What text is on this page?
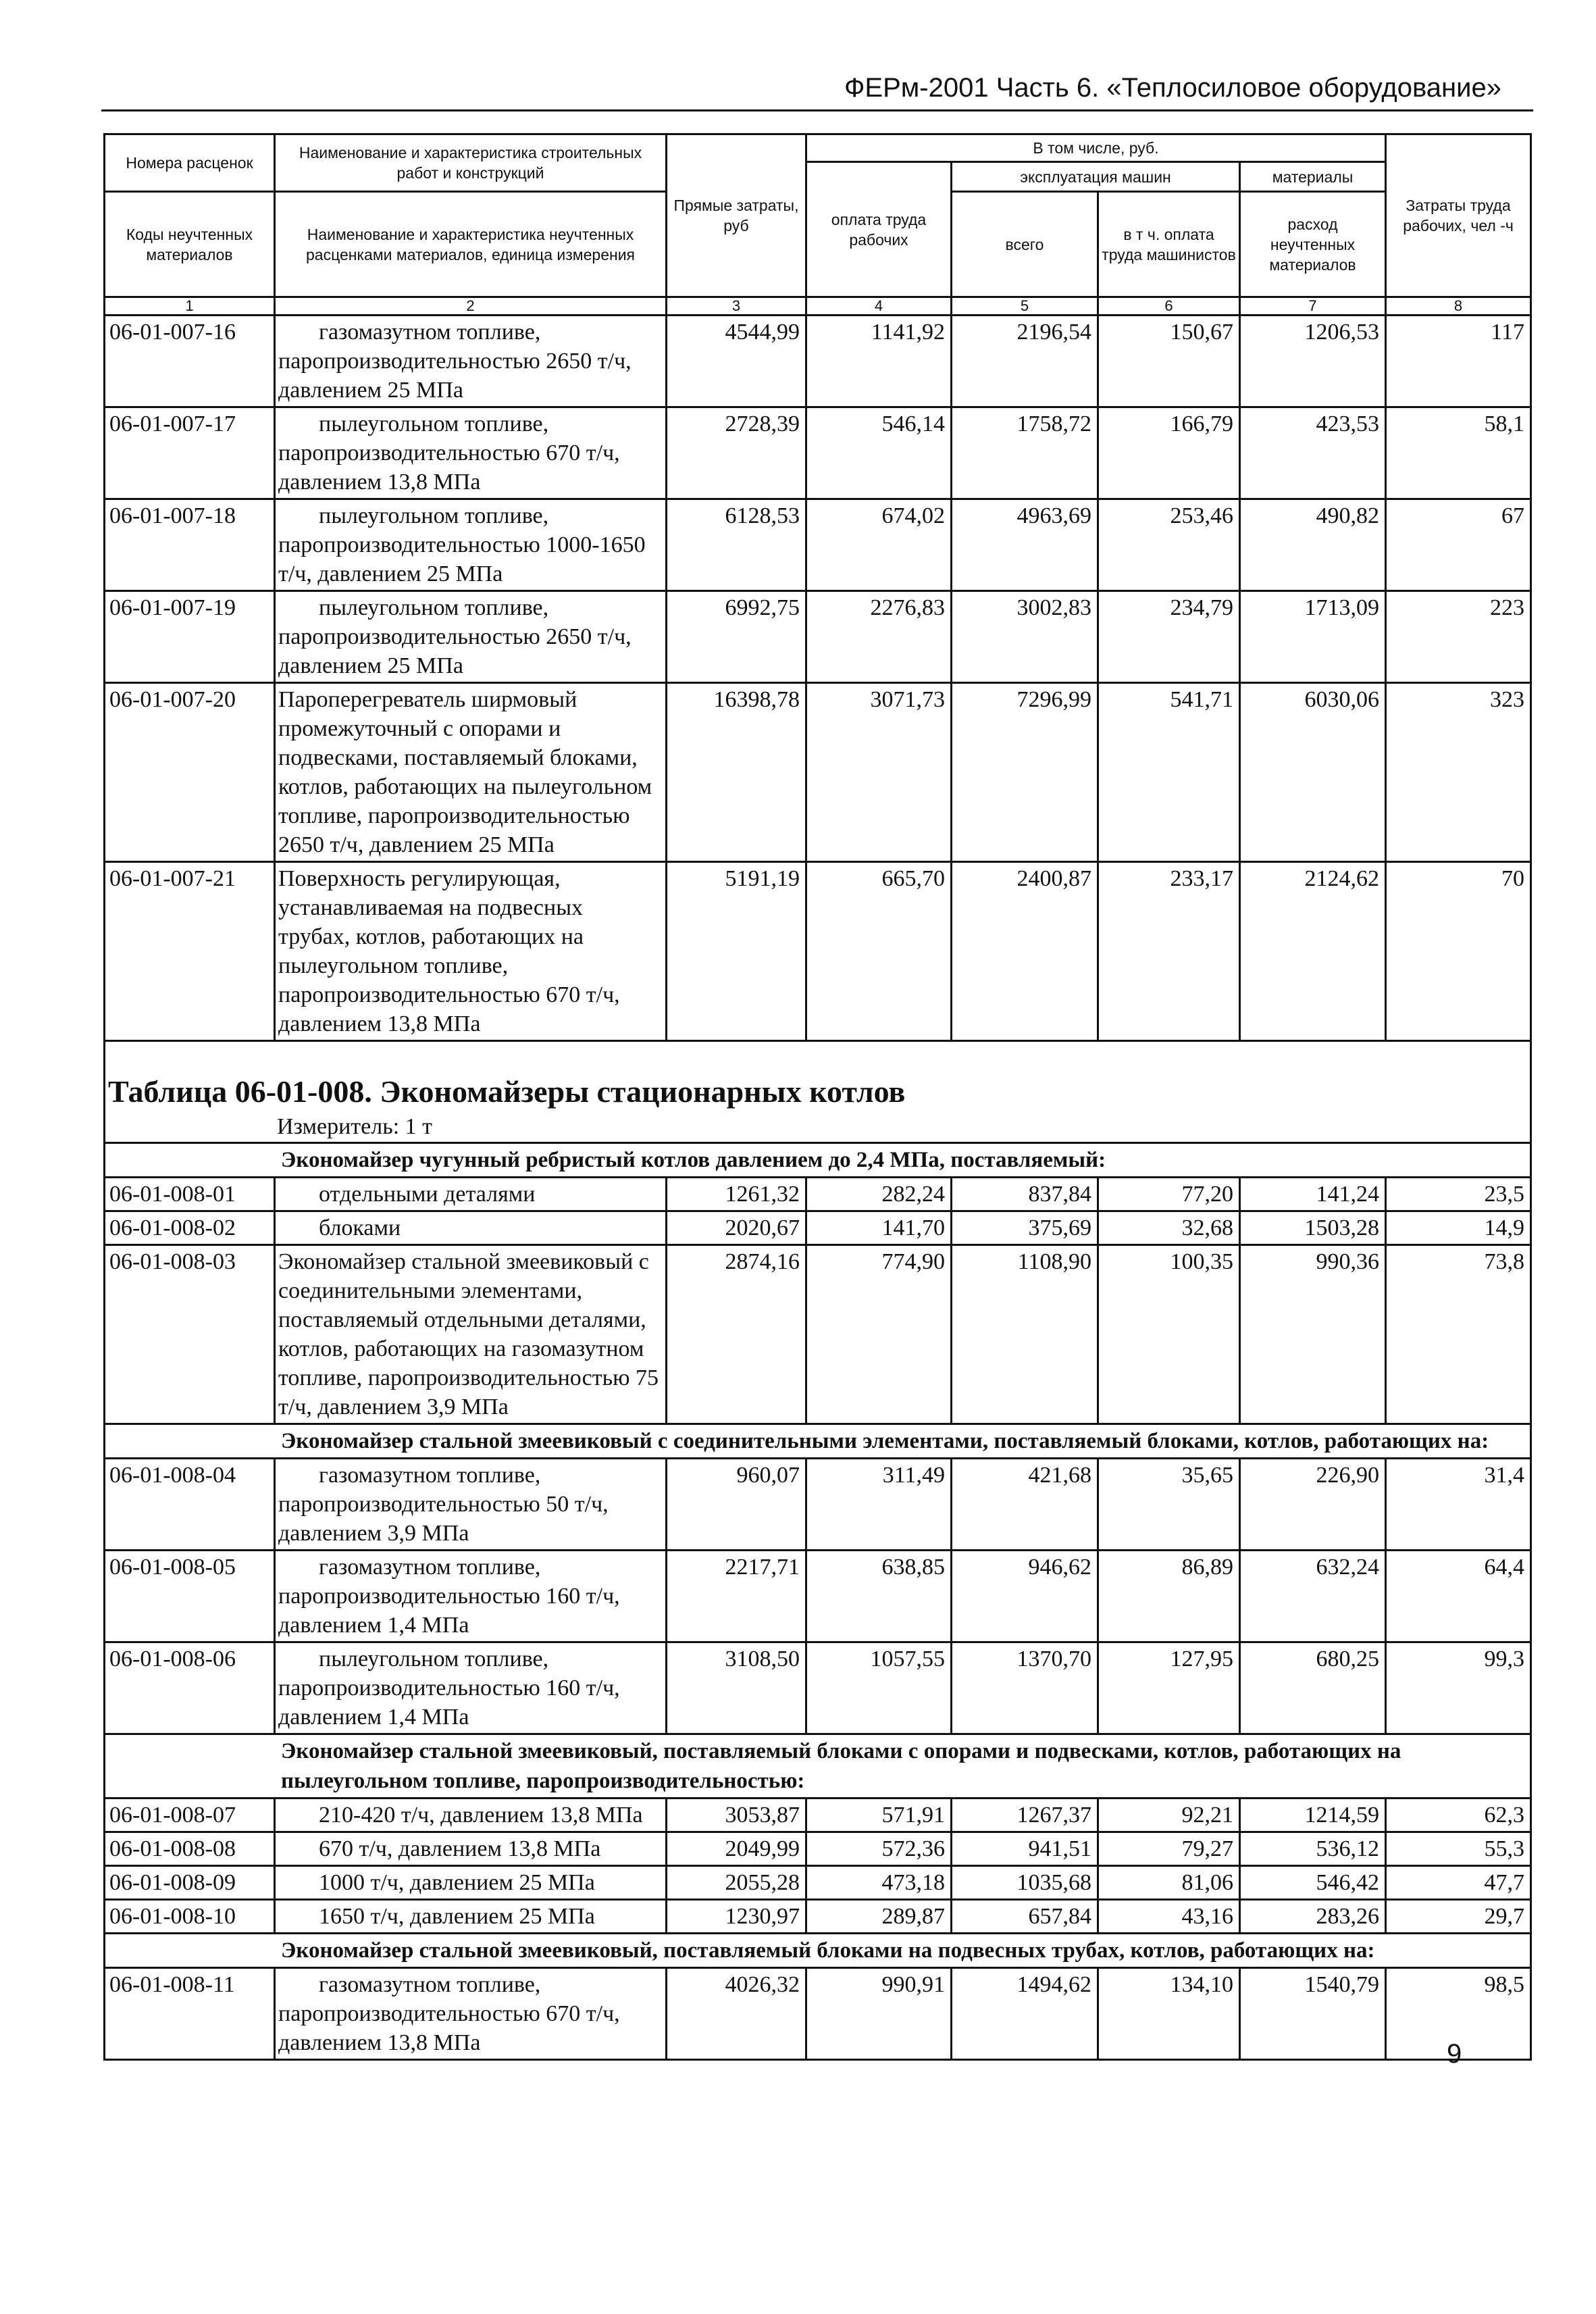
ФЕРм-2001 Часть 6. «Теплосиловое оборудование»
Номера расценок	Наименование и характеристика строительных работ и конструкций	Прямые затраты, руб	В том числе, руб.				Затраты труда рабочих, чел -ч
			оплата труда рабочих	эксплуатация машин		материалы	
Коды неучтенных материалов	Наименование и характеристика неучтенных расценками материалов, единица измерения			всего	в т ч. оплата труда машинистов	расход неучтенных материалов	
1	2	3	4	5	6	7	8
06-01-007-16	газомазутном топливе, паропроизводительностью 2650 т/ч, давлением 25 МПа	4544,99	1141,92	2196,54	150,67	1206,53	117
06-01-007-17	пылеугольном топливе, паропроизводительностью 670 т/ч, давлением 13,8 МПа	2728,39	546,14	1758,72	166,79	423,53	58,1
06-01-007-18	пылеугольном топливе, паропроизводительностью 1000-1650 т/ч, давлением 25 МПа	6128,53	674,02	4963,69	253,46	490,82	67
06-01-007-19	пылеугольном топливе, паропроизводительностью 2650 т/ч, давлением 25 МПа	6992,75	2276,83	3002,83	234,79	1713,09	223
06-01-007-20	Пароперегреватель ширмовый промежуточный с опорами и подвесками, поставляемый блоками, котлов, работающих на пылеугольном топливе, паропроизводительностью 2650 т/ч, давлением 25 МПа	16398,78	3071,73	7296,99	541,71	6030,06	323
06-01-007-21	Поверхность регулирующая, устанавливаемая на подвесных трубах, котлов, работающих на пылеугольном топливе, паропроизводительностью 670 т/ч, давлением 13,8 МПа	5191,19	665,70	2400,87	233,17	2124,62	70

Таблица 06-01-008. Экономайзеры стационарных котлов
Измеритель: 1 т							

Экономайзер чугунный ребристый котлов давлением до 2,4 МПа, поставляемый:							
06-01-008-01	отдельными деталями	1261,32	282,24	837,84	77,20	141,24	23,5
06-01-008-02	блоками	2020,67	141,70	375,69	32,68	1503,28	14,9
06-01-008-03	Экономайзер стальной змеевиковый с соединительными элементами, поставляемый отдельными деталями, котлов, работающих на газомазутном топливе, паропроизводительностью 75 т/ч, давлением 3,9 МПа	2874,16	774,90	1108,90	100,35	990,36	73,8
Экономайзер стальной змеевиковый с соединительными элементами, поставляемый блоками, котлов, работающих на:							
06-01-008-04	газомазутном топливе, паропроизводительностью 50 т/ч, давлением 3,9 МПа	960,07	311,49	421,68	35,65	226,90	31,4
06-01-008-05	газомазутном топливе, паропроизводительностью 160 т/ч, давлением 1,4 МПа	2217,71	638,85	946,62	86,89	632,24	64,4
06-01-008-06	пылеугольном топливе, паропроизводительностью 160 т/ч, давлением 1,4 МПа	3108,50	1057,55	1370,70	127,95	680,25	99,3
Экономайзер стальной змеевиковый, поставляемый блоками с опорами и подвесками, котлов, работающих на пылеугольном топливе, паропроизводительностью:							
06-01-008-07	210-420 т/ч, давлением 13,8 МПа	3053,87	571,91	1267,37	92,21	1214,59	62,3
06-01-008-08	670 т/ч, давлением 13,8 МПа	2049,99	572,36	941,51	79,27	536,12	55,3
06-01-008-09	1000 т/ч, давлением 25 МПа	2055,28	473,18	1035,68	81,06	546,42	47,7
06-01-008-10	1650 т/ч, давлением 25 МПа	1230,97	289,87	657,84	43,16	283,26	29,7
Экономайзер стальной змеевиковый, поставляемый блоками на подвесных трубах, котлов, работающих на:							
06-01-008-11	газомазутном топливе, паропроизводительностью 670 т/ч, давлением 13,8 МПа	4026,32	990,91	1494,62	134,10	1540,79	98,5
9
